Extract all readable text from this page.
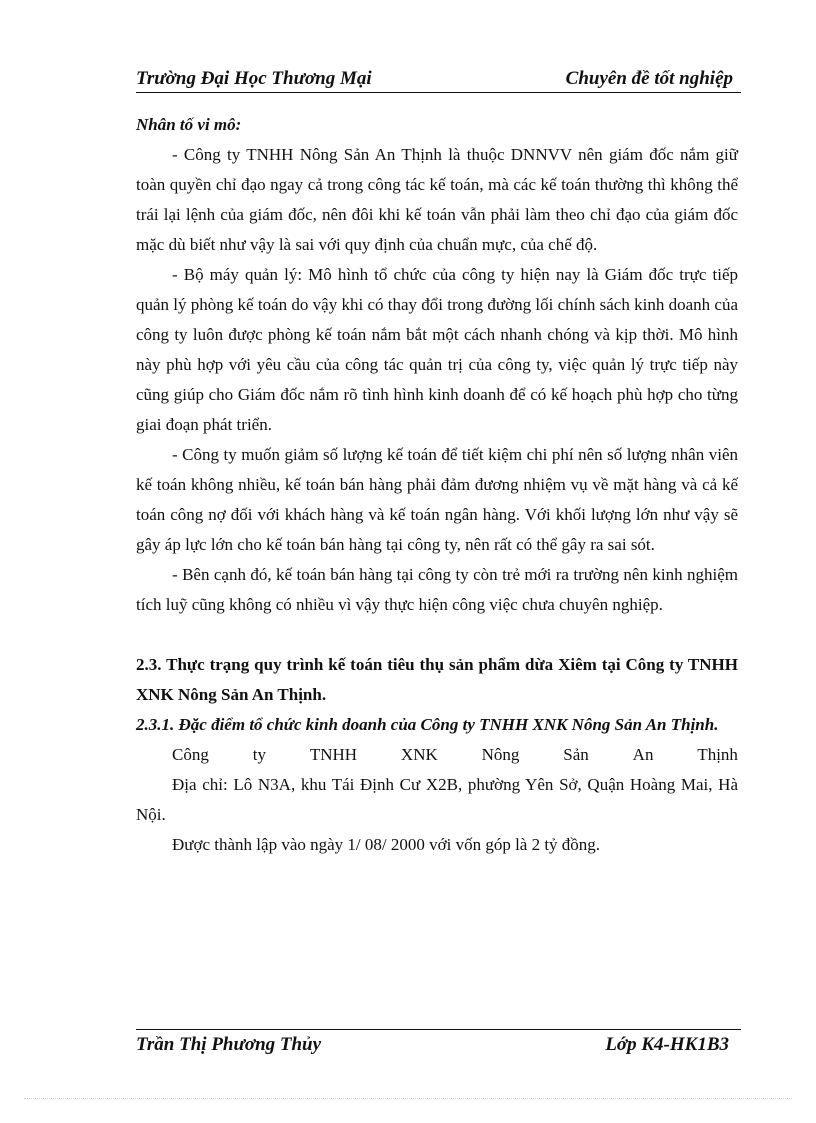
Trường Đại Học Thương Mại	Chuyên đề tốt nghiệp
Nhân tố vi mô:

- Công ty TNHH Nông Sản An Thịnh là thuộc DNNVV nên giám đốc nắm giữ toàn quyền chỉ đạo ngay cả trong công tác kế toán, mà các kế toán thường thì không thể trái lại lệnh của giám đốc, nên đôi khi kế toán vẫn phải làm theo chỉ đạo của giám đốc mặc dù biết như vậy là sai với quy định của chuẩn mực, của chế độ.

- Bộ máy quản lý: Mô hình tổ chức của công ty hiện nay là Giám đốc trực tiếp quản lý phòng kế toán do vậy khi có thay đổi trong đường lối chính sách kinh doanh của công ty luôn được phòng kế toán nắm bắt một cách nhanh chóng và kịp thời. Mô hình này phù hợp với yêu cầu của công tác quản trị của công ty, việc quản lý trực tiếp này cũng giúp cho Giám đốc nắm rõ tình hình kinh doanh để có kế hoạch phù hợp cho từng giai đoạn phát triển.

- Công ty muốn giảm số lượng kế toán để tiết kiệm chi phí nên số lượng nhân viên kế toán không nhiều, kế toán bán hàng phải đảm đương nhiệm vụ về mặt hàng và cả kế toán công nợ đối với khách hàng và kế toán ngân hàng. Với khối lượng lớn như vậy sẽ gây áp lực lớn cho kế toán bán hàng tại công ty, nên rất có thể gây ra sai sót.

- Bên cạnh đó, kế toán bán hàng tại công ty còn trẻ mới ra trường nên kinh nghiệm tích luỹ cũng không có nhiều vì vậy thực hiện công việc chưa chuyên nghiệp.

2.3. Thực trạng quy trình kế toán tiêu thụ sản phẩm dừa Xiêm tại Công ty TNHH XNK Nông Sản An Thịnh.

2.3.1. Đặc điểm tổ chức kinh doanh của Công ty TNHH XNK Nông Sản An Thịnh.

Công	ty	TNHH	XNK	Nông	Sản	An	Thịnh

Địa chỉ: Lô N3A, khu Tái Định Cư X2B, phường Yên Sở, Quận Hoàng Mai, Hà Nội.

Được thành lập vào ngày 1/ 08/ 2000 với vốn góp là 2 tỷ đồng.

Trần Thị Phương Thủy	Lớp K4-HK1B3
